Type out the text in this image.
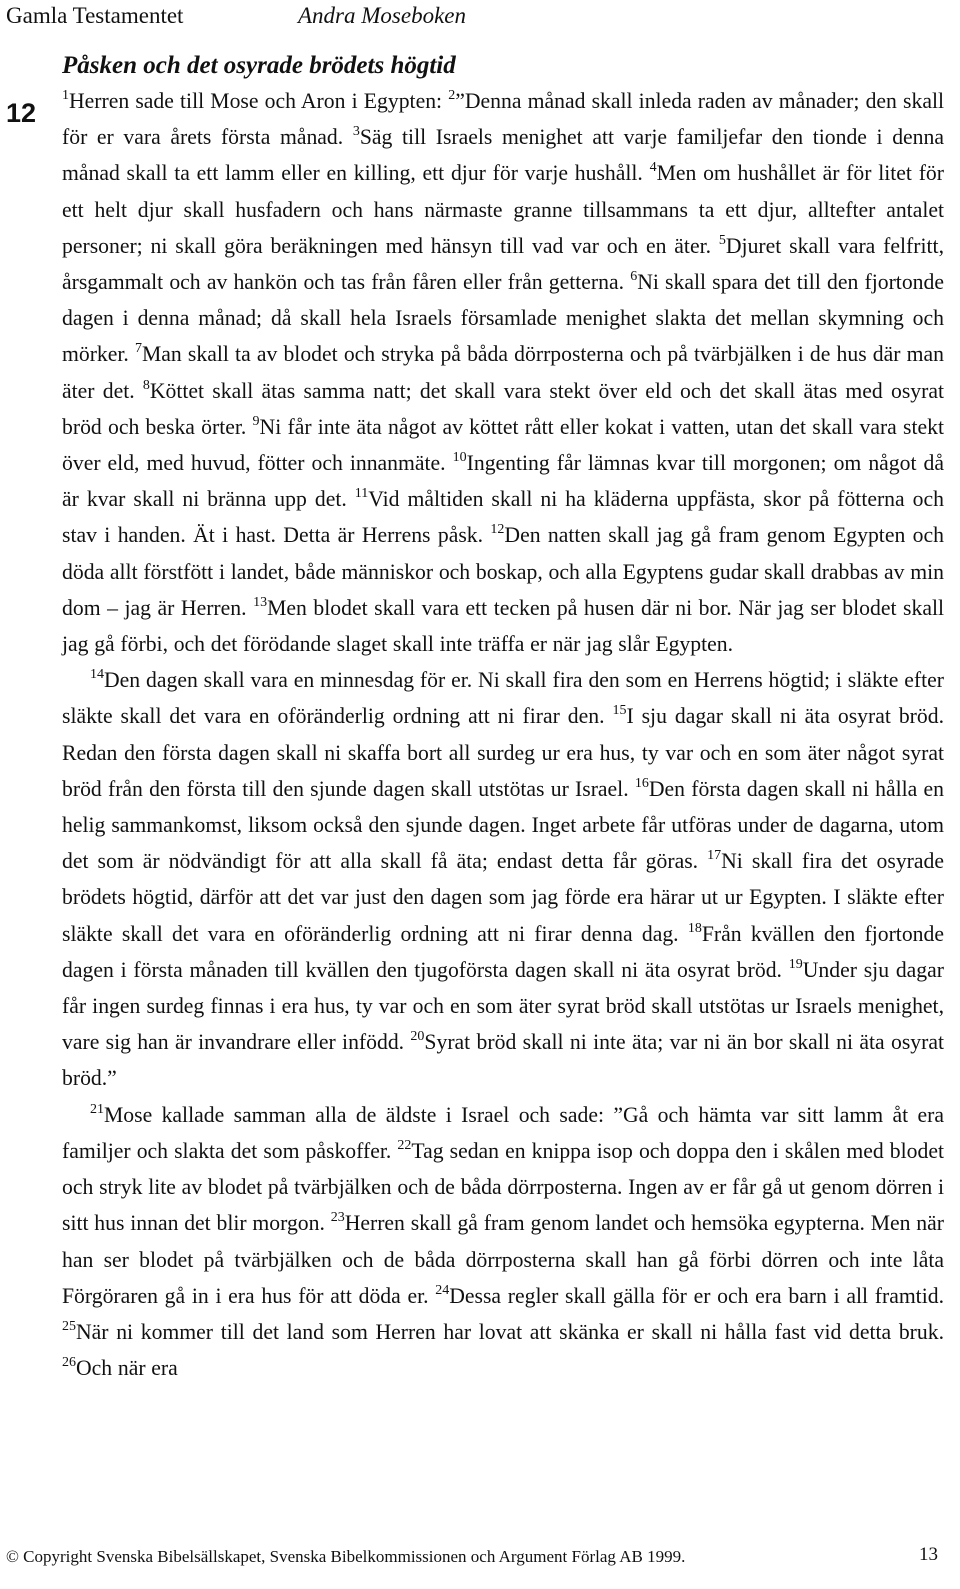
Gamla Testamentet	Andra Moseboken
12
Påsken och det osyrade brödets högtid

$^1$Herren sade till Mose och Aron i Egypten: $^2$”Denna månad skall inleda raden av månader; den skall för er vara årets första månad. $^3$Säg till Israels menighet att varje familjefar den tionde i denna månad skall ta ett lamm eller en killing, ett djur för varje hushåll. $^4$Men om hushållet är för litet för ett helt djur skall husfadern och hans närmaste granne tillsammans ta ett djur, alltefter antalet personer; ni skall göra beräkningen med hänsyn till vad var och en äter. $^5$Djuret skall vara felfritt, årsgammalt och av hankön och tas från fåren eller från getterna. $^6$Ni skall spara det till den fjortonde dagen i denna månad; då skall hela Israels församlade menighet slakta det mellan skymning och mörker. $^7$Man skall ta av blodet och stryka på båda dörrposterna och på tvärbjälken i de hus där man äter det. $^8$Köttet skall ätas samma natt; det skall vara stekt över eld och det skall ätas med osyrat bröd och beska örter. $^9$Ni får inte äta något av köttet rått eller kokat i vatten, utan det skall vara stekt över eld, med huvud, fötter och innanmäte. $^{10}$Ingenting får lämnas kvar till morgonen; om något då är kvar skall ni bränna upp det. $^{11}$Vid måltiden skall ni ha kläderna uppfästa, skor på fötterna och stav i handen. Ät i hast. Detta är Herrens påsk. $^{12}$Den natten skall jag gå fram genom Egypten och döda allt förstfött i landet, både människor och boskap, och alla Egyptens gudar skall drabbas av min dom – jag är Herren. $^{13}$Men blodet skall vara ett tecken på husen där ni bor. När jag ser blodet skall jag gå förbi, och det förödande slaget skall inte träffa er när jag slår Egypten.

$^{14}$Den dagen skall vara en minnesdag för er. Ni skall fira den som en Herrens högtid; i släkte efter släkte skall det vara en oföränderlig ordning att ni firar den. $^{15}$I sju dagar skall ni äta osyrat bröd. Redan den första dagen skall ni skaffa bort all surdeg ur era hus, ty var och en som äter något syrat bröd från den första till den sjunde dagen skall utstötas ur Israel. $^{16}$Den första dagen skall ni hålla en helig sammankomst, liksom också den sjunde dagen. Inget arbete får utföras under de dagarna, utom det som är nödvändigt för att alla skall få äta; endast detta får göras. $^{17}$Ni skall fira det osyrade brödets högtid, därför att det var just den dagen som jag förde era härar ut ur Egypten. I släkte efter släkte skall det vara en oföränderlig ordning att ni firar denna dag. $^{18}$Från kvällen den fjortonde dagen i första månaden till kvällen den tjugoförsta dagen skall ni äta osyrat bröd. $^{19}$Under sju dagar får ingen surdeg finnas i era hus, ty var och en som äter syrat bröd skall utstötas ur Israels menighet, vare sig han är invandrare eller infödd. $^{20}$Syrat bröd skall ni inte äta; var ni än bor skall ni äta osyrat bröd.”

$^{21}$Mose kallade samman alla de äldste i Israel och sade: ”Gå och hämta var sitt lamm åt era familjer och slakta det som påskoffer. $^{22}$Tag sedan en knippa isop och doppa den i skålen med blodet och stryk lite av blodet på tvärbjälken och de båda dörrposterna. Ingen av er får gå ut genom dörren i sitt hus innan det blir morgon. $^{23}$Herren skall gå fram genom landet och hemsöka egypterna. Men när han ser blodet på tvärbjälken och de båda dörrposterna skall han gå förbi dörren och inte låta Förgöraren gå in i era hus för att döda er. $^{24}$Dessa regler skall gälla för er och era barn i all framtid. $^{25}$När ni kommer till det land som Herren har lovat att skänka er skall ni hålla fast vid detta bruk. $^{26}$Och när era

© Copyright Svenska Bibelsällskapet, Svenska Bibelkommissionen och Argument Förlag AB 1999.	13
